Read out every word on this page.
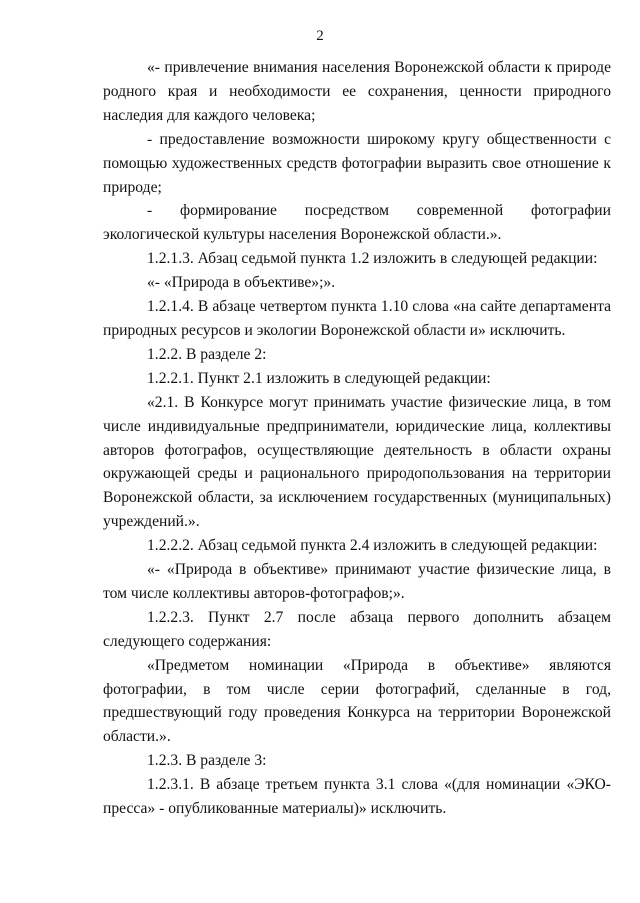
2

«- привлечение внимания населения Воронежской области к природе родного края и необходимости ее сохранения, ценности природного наследия для каждого человека;

- предоставление возможности широкому кругу общественности с помощью художественных средств фотографии выразить свое отношение к природе;

- формирование посредством современной фотографии экологической культуры населения Воронежской области.».

1.2.1.3. Абзац седьмой пункта 1.2 изложить в следующей редакции:

«- «Природа в объективе»;».

1.2.1.4. В абзаце четвертом пункта 1.10 слова «на сайте департамента природных ресурсов и экологии Воронежской области и» исключить.

1.2.2. В разделе 2:

1.2.2.1. Пункт 2.1 изложить в следующей редакции:

«2.1. В Конкурсе могут принимать участие физические лица, в том числе индивидуальные предприниматели, юридические лица, коллективы авторов фотографов, осуществляющие деятельность в области охраны окружающей среды и рационального природопользования на территории Воронежской области, за исключением государственных (муниципальных) учреждений.».

1.2.2.2. Абзац седьмой пункта 2.4 изложить в следующей редакции:

«- «Природа в объективе» принимают участие физические лица, в том числе коллективы авторов-фотографов;».

1.2.2.3. Пункт 2.7 после абзаца первого дополнить абзацем следующего содержания:

«Предметом номинации «Природа в объективе» являются фотографии, в том числе серии фотографий, сделанные в год, предшествующий году проведения Конкурса на территории Воронежской области.».

1.2.3. В разделе 3:

1.2.3.1. В абзаце третьем пункта 3.1 слова «(для номинации «ЭКО-пресса» - опубликованные материалы)» исключить.
